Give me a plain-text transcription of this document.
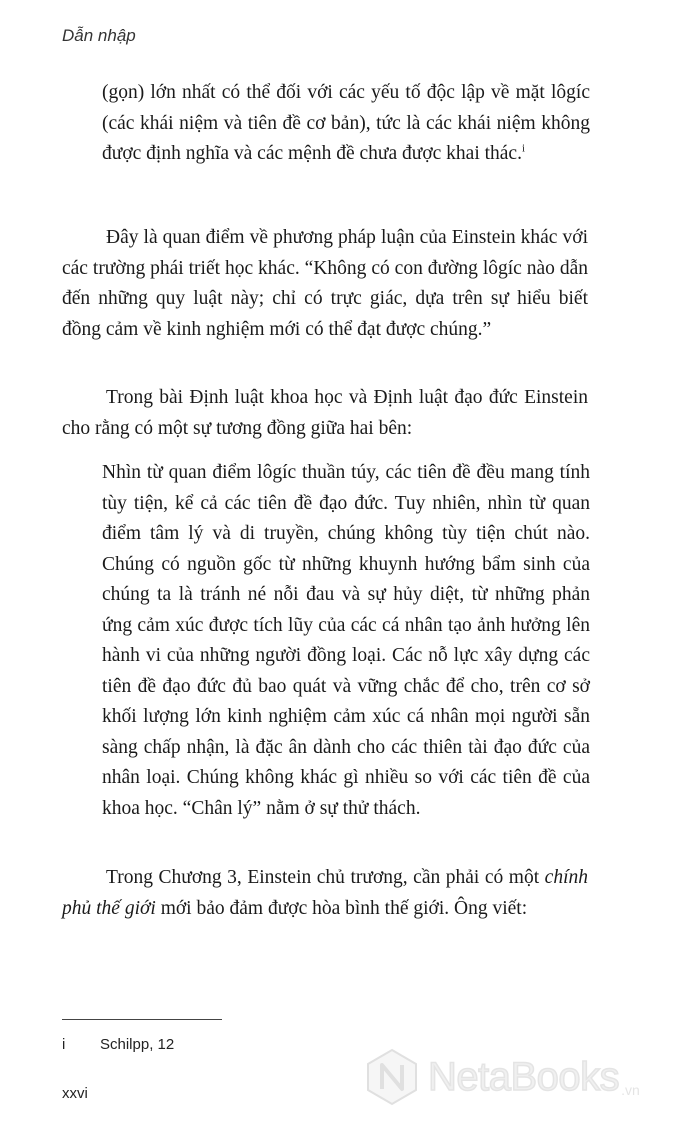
Dẫn nhập

(gọn) lớn nhất có thể đối với các yếu tố độc lập về mặt lôgíc (các khái niệm và tiên đề cơ bản), tức là các khái niệm không được định nghĩa và các mệnh đề chưa được khai thác.$^i$

Đây là quan điểm về phương pháp luận của Einstein khác với các trường phái triết học khác. “Không có con đường lôgíc nào dẫn đến những quy luật này; chỉ có trực giác, dựa trên sự hiểu biết đồng cảm về kinh nghiệm mới có thể đạt được chúng.”

Trong bài Định luật khoa học và Định luật đạo đức Einstein cho rằng có một sự tương đồng giữa hai bên:

Nhìn từ quan điểm lôgíc thuần túy, các tiên đề đều mang tính tùy tiện, kể cả các tiên đề đạo đức. Tuy nhiên, nhìn từ quan điểm tâm lý và di truyền, chúng không tùy tiện chút nào. Chúng có nguồn gốc từ những khuynh hướng bẩm sinh của chúng ta là tránh né nỗi đau và sự hủy diệt, từ những phản ứng cảm xúc được tích lũy của các cá nhân tạo ảnh hưởng lên hành vi của những người đồng loại. Các nỗ lực xây dựng các tiên đề đạo đức đủ bao quát và vững chắc để cho, trên cơ sở khối lượng lớn kinh nghiệm cảm xúc cá nhân mọi người sẵn sàng chấp nhận, là đặc ân dành cho các thiên tài đạo đức của nhân loại. Chúng không khác gì nhiều so với các tiên đề của khoa học. “Chân lý” nằm ở sự thử thách.

Trong Chương 3, Einstein chủ trương, cần phải có một chính phủ thế giới mới bảo đảm được hòa bình thế giới. Ông viết:

i Schilpp, 12
xxvi	NetaBooks .vn
